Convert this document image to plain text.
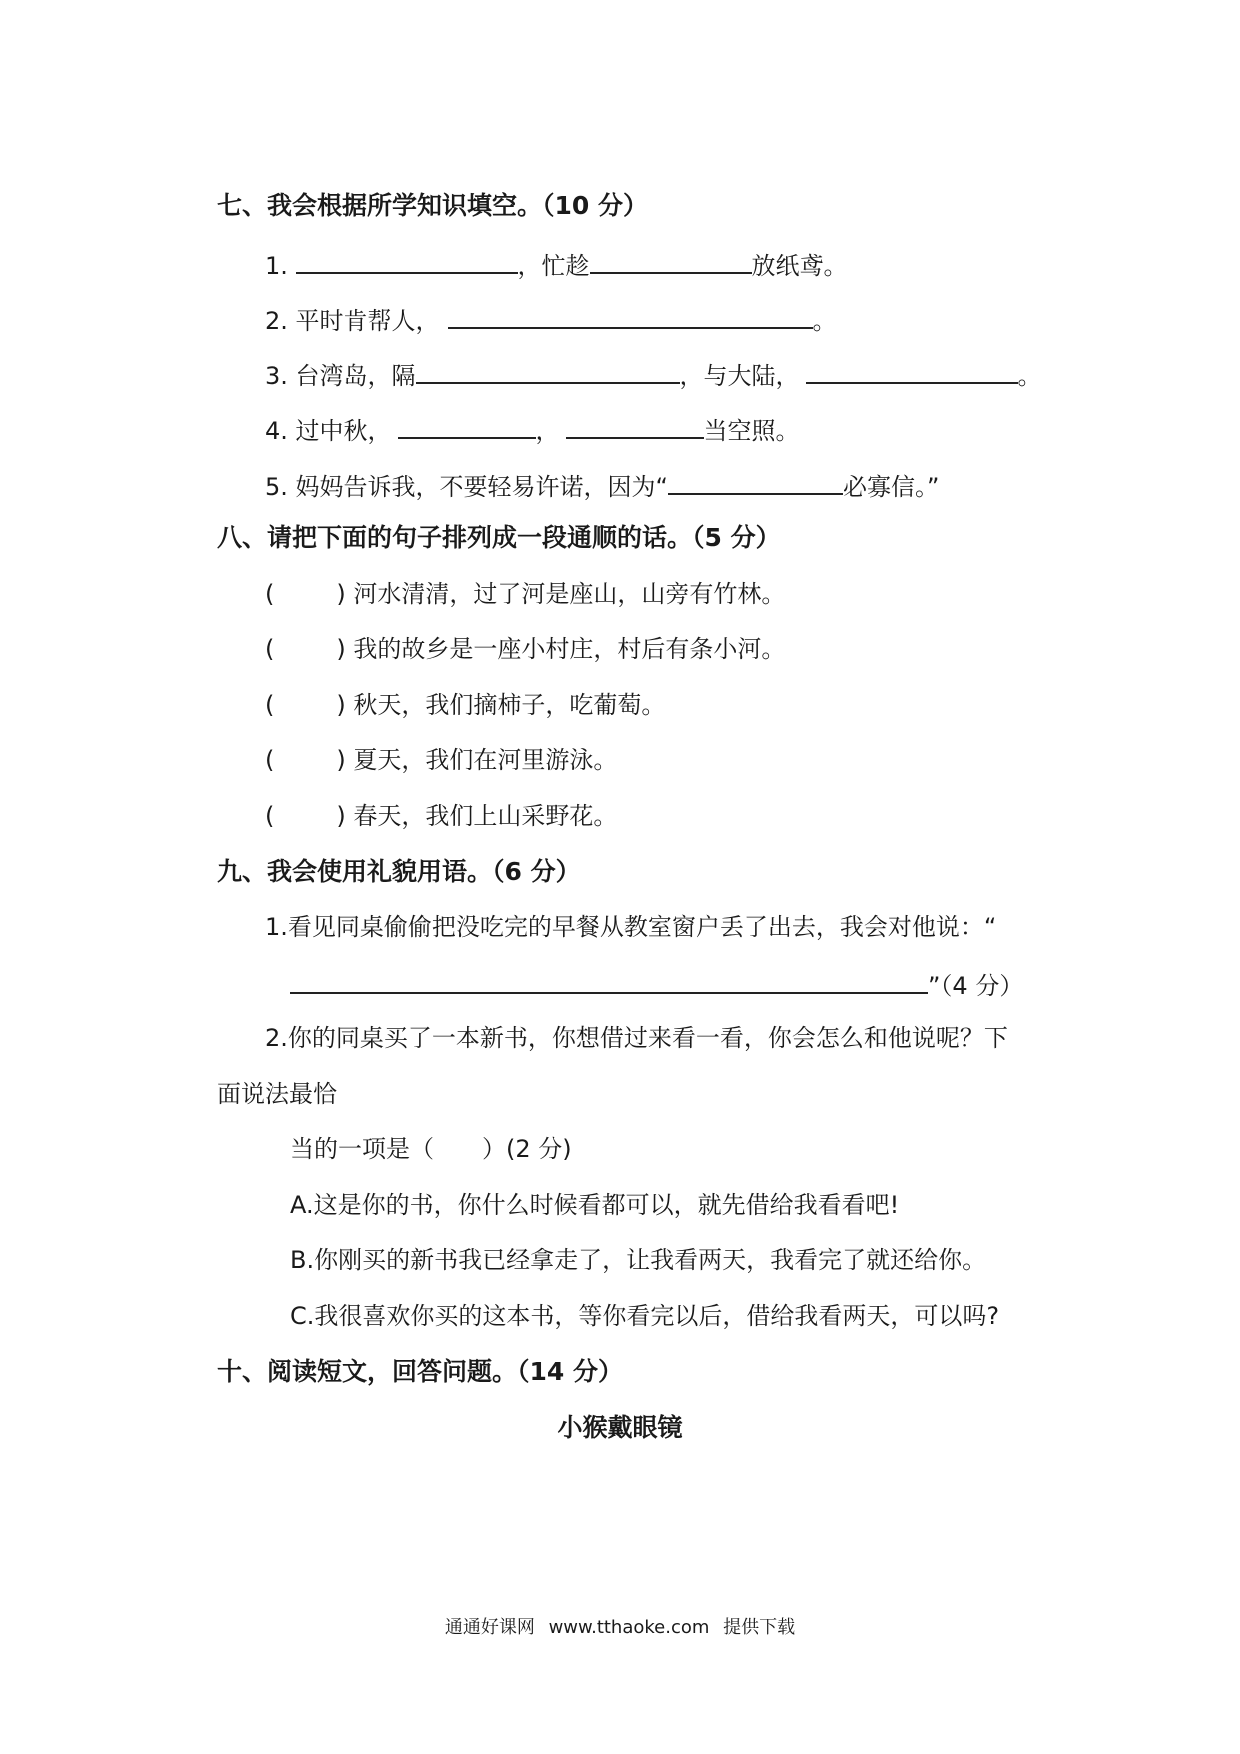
七、我会根据所学知识填空。（10 分）
1.	，忙趁	放纸鸢。
2. 平时肯帮人，	。
3. 台湾岛，隔	，与大陆，	。
4. 过中秋，	，	当空照。
5. 妈妈告诉我，不要轻易许诺，因为“	必寡信。”
八、请把下面的句子排列成一段通顺的话。（5 分）
(	) 河水清清，过了河是座山，山旁有竹林。
(	) 我的故乡是一座小村庄，村后有条小河。
(	) 秋天，我们摘柿子，吃葡萄。
(	) 夏天，我们在河里游泳。
(	) 春天，我们上山采野花。
九、我会使用礼貌用语。（6 分）
1.看见同桌偷偷把没吃完的早餐从教室窗户丢了出去，我会对他说：“
”（4 分）
2.你的同桌买了一本新书，你想借过来看一看，你会怎么和他说呢？下
面说法最恰
当的一项是（ ）(2 分)
A.这是你的书，你什么时候看都可以，就先借给我看看吧!
B.你刚买的新书我已经拿走了，让我看两天，我看完了就还给你。
C.我很喜欢你买的这本书，等你看完以后，借给我看两天，可以吗?
十、阅读短文，回答问题。（14 分）
小猴戴眼镜
通通好课网 www.tthaoke.com 提供下载
